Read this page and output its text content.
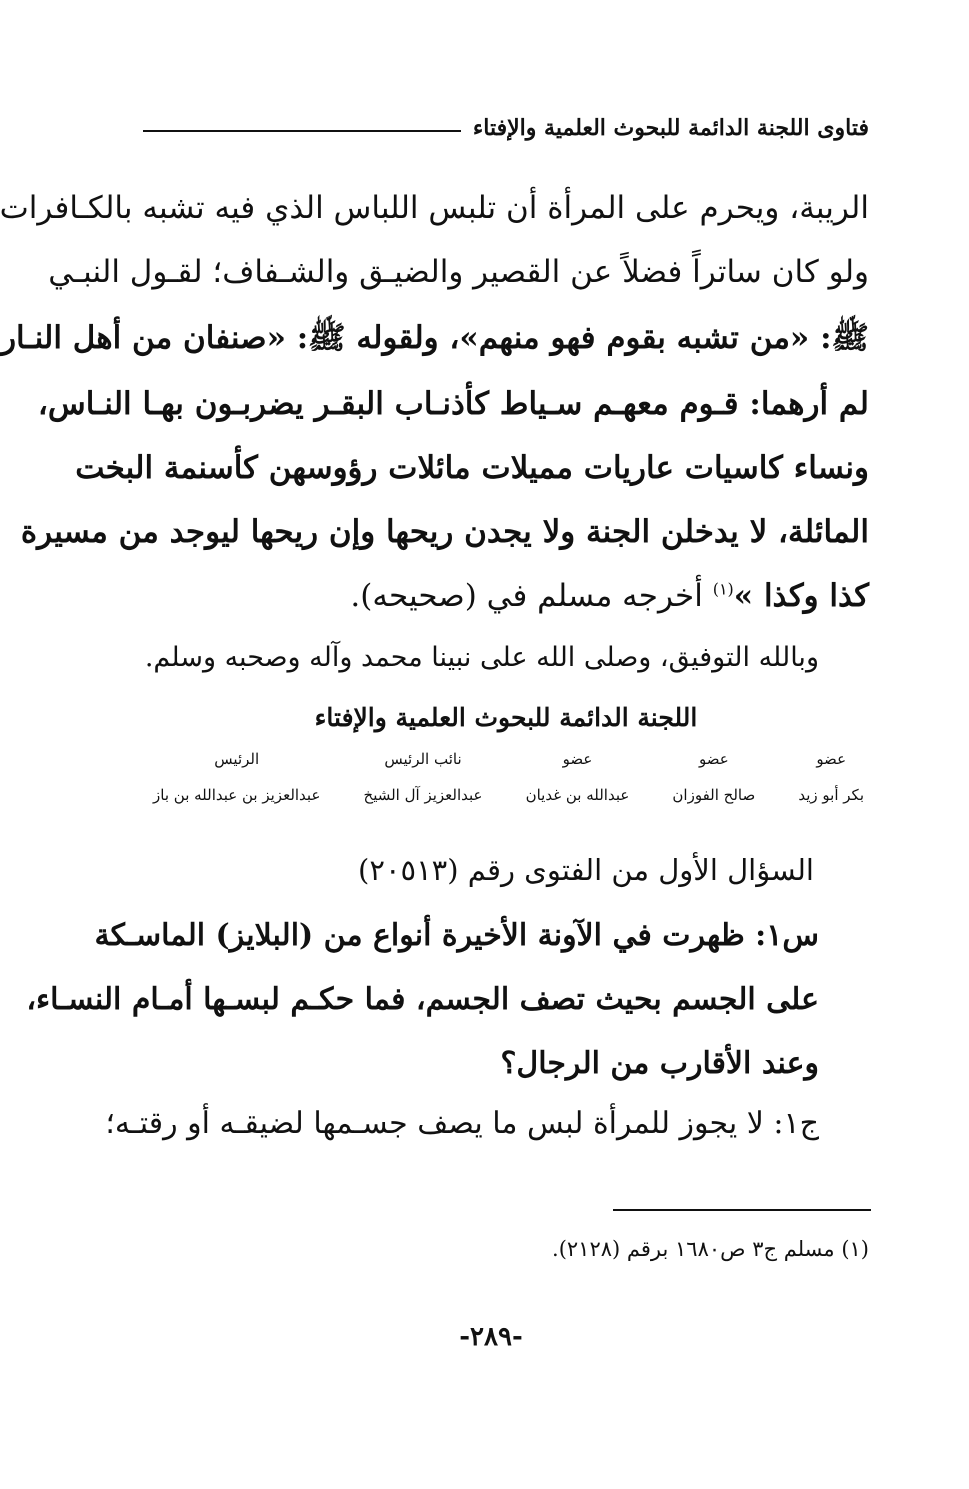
فتاوى اللجنة الدائمة للبحوث العلمية والإفتاء
الريبة، ويحرم على المرأة أن تلبس اللباس الذي فيه تشبه بالكـافرات
ولو كان ساتراً فضلاً عن القصير والضيـق والشـفاف؛ لقـول النبـي
ﷺ: «من تشبه بقوم فهو منهم»، ولقوله ﷺ: «صنفان من أهل النـار
لم أرهما: قـوم معهـم سـياط كأذنـاب البقـر يضربـون بهـا النـاس،
ونساء كاسيات عاريات مميلات مائلات رؤوسهن كأسنمة البخت
المائلة، لا يدخلن الجنة ولا يجدن ريحها وإن ريحها ليوجد من مسيرة
كذا وكذا »$^{(١)}$ أخرجه مسلم في (صحيحه).
وبالله التوفيق، وصلى الله على نبينا محمد وآله وصحبه وسلم.
اللجنة الدائمة للبحوث العلمية والإفتاء
عضو
بكر أبو زيد
عضو
صالح الفوزان
عضو
عبدالله بن غديان
نائب الرئيس
عبدالعزيز آل الشيخ
الرئيس
عبدالعزيز بن عبدالله بن باز
السؤال الأول من الفتوى رقم (٢٠٥١٣)
س١: ظهرت في الآونة الأخيرة أنواع من (البلايز) الماسـكة
على الجسم بحيث تصف الجسم، فما حكـم لبسـها أمـام النسـاء،
وعند الأقارب من الرجال؟
ج١: لا يجوز للمرأة لبس ما يصف جسـمها لضيقـه أو رقتـه؛
(١) مسلم ج٣ ص١٦٨٠ برقم (٢١٢٨).
-٢٨٩-
